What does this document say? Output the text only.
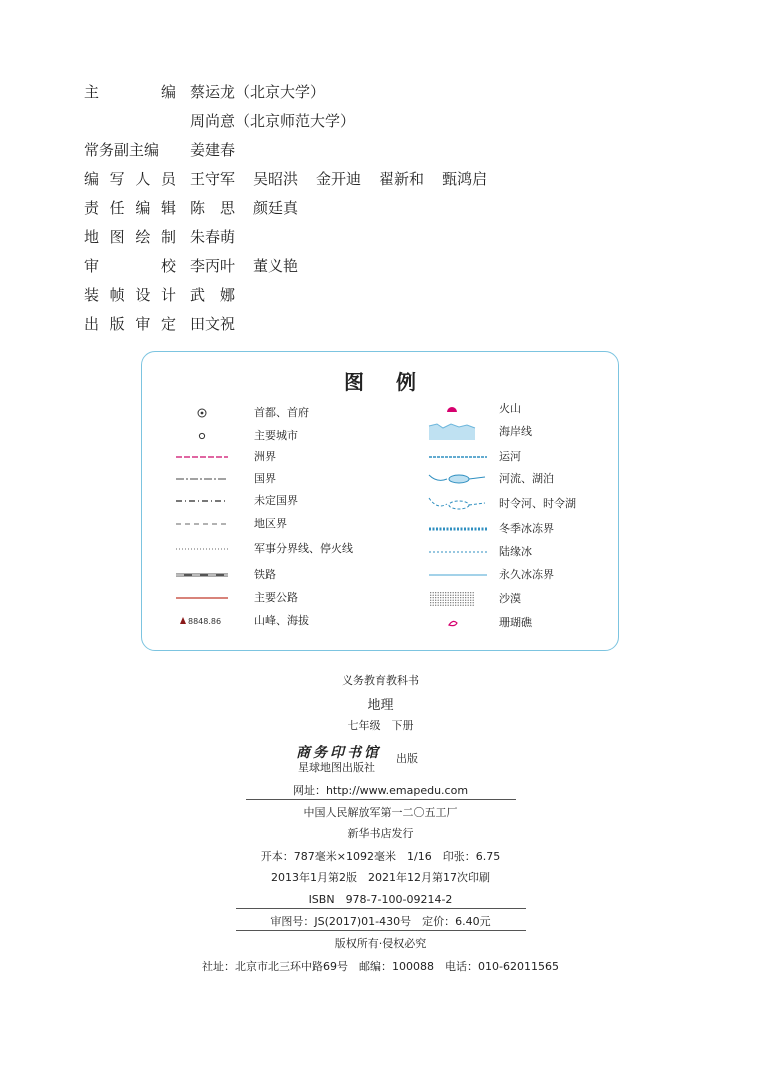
主	编 蔡运龙（北京大学）
周尚意（北京师范大学）
常务副主编 姜建春
编 写 人 员 王守军 吴昭洪 金开迪 翟新和 甄鸿启
责 任 编 辑 陈　思 颜廷真
地 图 绘 制 朱春萌
审	校 李丙叶 董义艳
装 帧 设 计 武　娜
出 版 审 定 田文祝
图例
首都、首府
主要城市
洲界
国界
未定国界
地区界
军事分界线、停火线
铁路
主要公路
8848.86	山峰、海拔
火山
海岸线
运河
河流、湖泊
时令河、时令湖
冬季冰冻界
陆缘冰
永久冰冻界
沙漠
珊瑚礁
义务教育教科书
地理
七年级　下册
商务印书馆
星球地图出版社
出版
网址：http://www.emapedu.com
中国人民解放军第一二〇五工厂
新华书店发行
开本：787毫米×1092毫米　1/16　印张：6.75
2013年1月第2版　2021年12月第17次印刷
ISBN　978-7-100-09214-2
审图号：JS(2017)01-430号　定价：6.40元
版权所有·侵权必究
社址：北京市北三环中路69号　邮编：100088　电话：010-62011565
